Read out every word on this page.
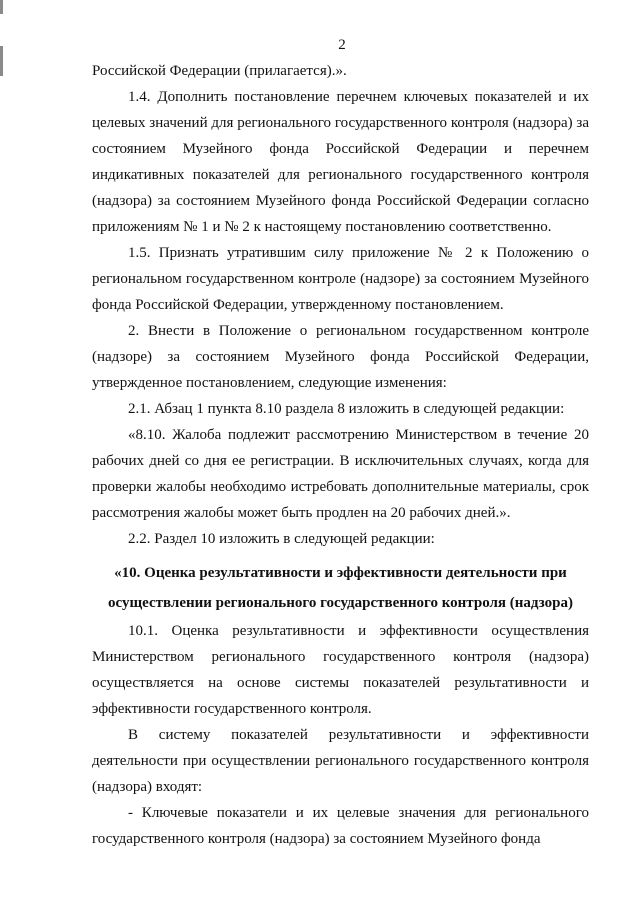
2

Российской Федерации (прилагается).».

1.4. Дополнить постановление перечнем ключевых показателей и их целевых значений для регионального государственного контроля (надзора) за состоянием Музейного фонда Российской Федерации и перечнем индикативных показателей для регионального государственного контроля (надзора) за состоянием Музейного фонда Российской Федерации согласно приложениям № 1 и № 2 к настоящему постановлению соответственно.

1.5. Признать утратившим силу приложение № 2 к Положению о региональном государственном контроле (надзоре) за состоянием Музейного фонда Российской Федерации, утвержденному постановлением.

2. Внести в Положение о региональном государственном контроле (надзоре) за состоянием Музейного фонда Российской Федерации, утвержденное постановлением, следующие изменения:

2.1. Абзац 1 пункта 8.10 раздела 8 изложить в следующей редакции:

«8.10. Жалоба подлежит рассмотрению Министерством в течение 20 рабочих дней со дня ее регистрации. В исключительных случаях, когда для проверки жалобы необходимо истребовать дополнительные материалы, срок рассмотрения жалобы может быть продлен на 20 рабочих дней.».

2.2. Раздел 10 изложить в следующей редакции:

«10. Оценка результативности и эффективности деятельности при

осуществлении регионального государственного контроля (надзора)

10.1. Оценка результативности и эффективности осуществления Министерством регионального государственного контроля (надзора) осуществляется на основе системы показателей результативности и эффективности государственного контроля.

В систему показателей результативности и эффективности деятельности при осуществлении регионального государственного контроля (надзора) входят:

- Ключевые показатели и их целевые значения для регионального государственного контроля (надзора) за состоянием Музейного фонда
